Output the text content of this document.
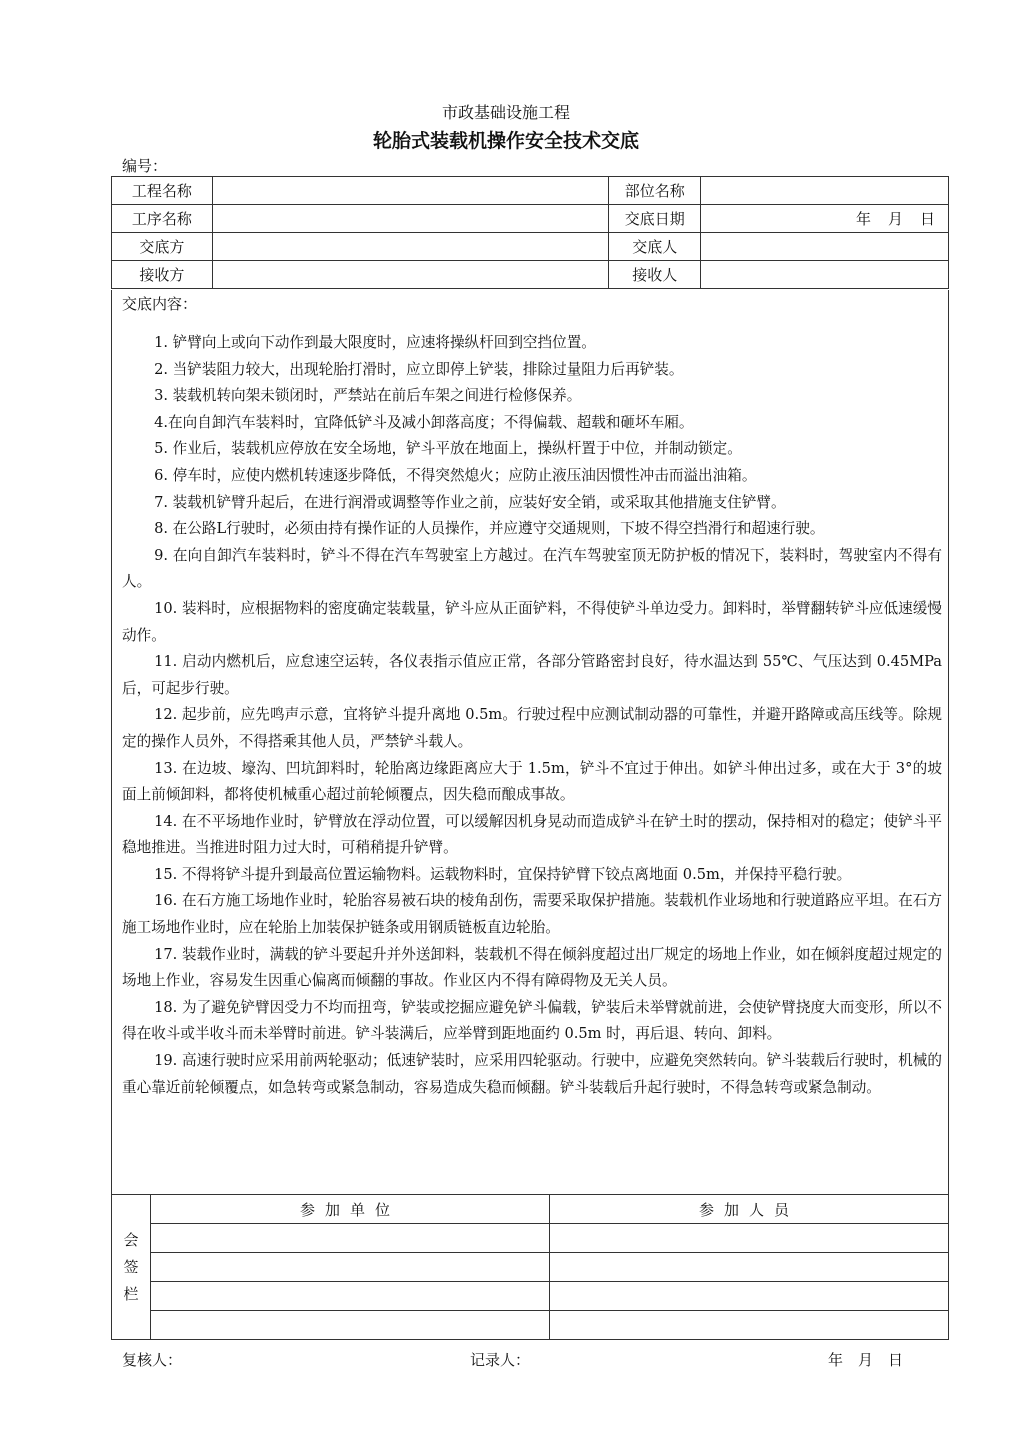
市政基础设施工程
轮胎式装载机操作安全技术交底
编号：
工程名称		部位名称	
工序名称		交底日期	年　月　日
交底方		交底人	
接收方		接收人	
交底内容：

1. 铲臂向上或向下动作到最大限度时，应速将操纵杆回到空挡位置。

2. 当铲装阻力较大，出现轮胎打滑时，应立即停上铲装，排除过量阻力后再铲装。

3. 装载机转向架未锁闭时，严禁站在前后车架之间进行检修保养。

4.在向自卸汽车装料时，宜降低铲斗及减小卸落高度；不得偏载、超载和砸坏车厢。

5. 作业后，装载机应停放在安全场地，铲斗平放在地面上，操纵杆置于中位，并制动锁定。

6. 停车时，应使内燃机转速逐步降低，不得突然熄火；应防止液压油因惯性冲击而溢出油箱。

7. 装载机铲臂升起后，在进行润滑或调整等作业之前，应装好安全销，或采取其他措施支住铲臂。

8. 在公路L行驶时，必须由持有操作证的人员操作，并应遵守交通规则，下坡不得空挡滑行和超速行驶。

9. 在向自卸汽车装料时，铲斗不得在汽车驾驶室上方越过。在汽车驾驶室顶无防护板的情况下，装料时，驾驶室内不得有人。

10. 装料时，应根据物料的密度确定装载量，铲斗应从正面铲料，不得使铲斗单边受力。卸料时，举臂翻转铲斗应低速缓慢动作。

11. 启动内燃机后，应怠速空运转，各仪表指示值应正常，各部分管路密封良好，待水温达到 55℃、气压达到 0.45MPa 后，可起步行驶。

12. 起步前，应先鸣声示意，宜将铲斗提升离地 0.5m。行驶过程中应测试制动器的可靠性，并避开路障或高压线等。除规定的操作人员外，不得搭乘其他人员，严禁铲斗载人。

13. 在边坡、壕沟、凹坑卸料时，轮胎离边缘距离应大于 1.5m，铲斗不宜过于伸出。如铲斗伸出过多，或在大于 3°的坡面上前倾卸料，都将使机械重心超过前轮倾覆点，因失稳而酿成事故。

14. 在不平场地作业时，铲臂放在浮动位置，可以缓解因机身晃动而造成铲斗在铲土时的摆动，保持相对的稳定；使铲斗平稳地推进。当推进时阻力过大时，可稍稍提升铲臂。

15. 不得将铲斗提升到最高位置运输物料。运载物料时，宜保持铲臂下铰点离地面 0.5m，并保持平稳行驶。

16. 在石方施工场地作业时，轮胎容易被石块的棱角刮伤，需要采取保护措施。装载机作业场地和行驶道路应平坦。在石方施工场地作业时，应在轮胎上加装保护链条或用钢质链板直边轮胎。

17. 装载作业时，满载的铲斗要起升并外送卸料，装载机不得在倾斜度超过出厂规定的场地上作业，如在倾斜度超过规定的场地上作业，容易发生因重心偏离而倾翻的事故。作业区内不得有障碍物及无关人员。

18. 为了避免铲臂因受力不均而扭弯，铲装或挖掘应避免铲斗偏载，铲装后未举臂就前进，会使铲臂挠度大而变形，所以不得在收斗或半收斗而未举臂时前进。铲斗装满后，应举臂到距地面约 0.5m 时，再后退、转向、卸料。

19. 高速行驶时应采用前两轮驱动；低速铲装时，应采用四轮驱动。行驶中，应避免突然转向。铲斗装载后行驶时，机械的重心靠近前轮倾覆点，如急转弯或紧急制动，容易造成失稳而倾翻。铲斗装载后升起行驶时，不得急转弯或紧急制动。

会签栏	参加单位	参加人员

复核人：	记录人：	年　月　日
